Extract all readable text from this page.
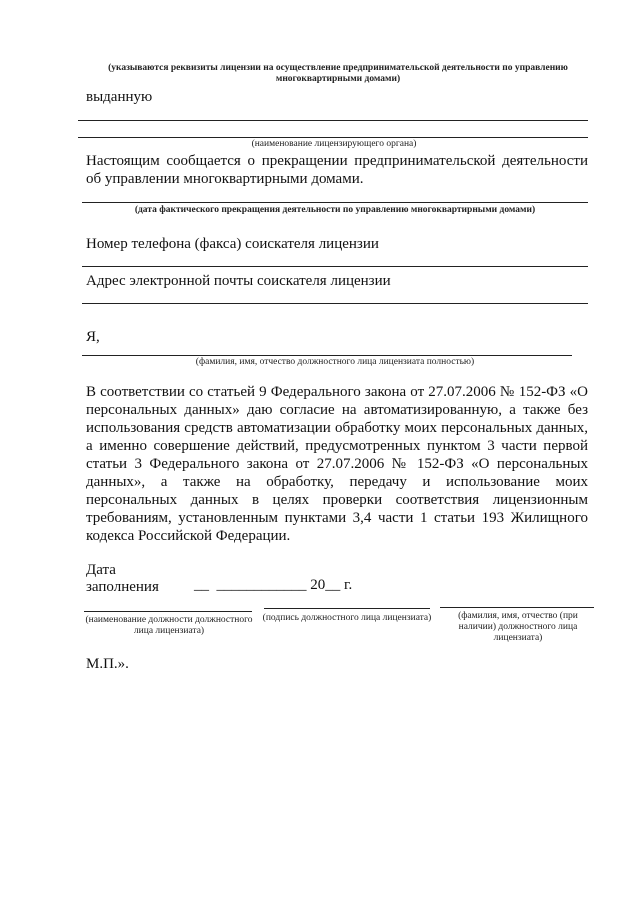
(указываются реквизиты лицензии на осуществление предпринимательской деятельности по управлению многоквартирными домами)
выданную
(наименование лицензирующего органа)
Настоящим сообщается о прекращении предпринимательской деятельности об управлении многоквартирными домами.
(дата фактического прекращения деятельности по управлению многоквартирными домами)
Номер телефона (факса) соискателя лицензии
Адрес электронной почты соискателя лицензии
Я,
(фамилия, имя, отчество должностного лица лицензиата полностью)
В соответствии со статьей 9 Федерального закона от 27.07.2006 № 152-ФЗ «О персональных данных» даю согласие на автоматизированную, а также без использования средств автоматизации обработку моих персональных данных, а именно совершение действий, предусмотренных пунктом 3 части первой статьи 3 Федерального закона от 27.07.2006 № 152-ФЗ «О персональных данных», а также на обработку, передачу и использование моих персональных данных в целях проверки соответствия лицензионным требованиям, установленным пунктами 3,4 части 1 статьи 193 Жилищного кодекса Российской Федерации.
Дата
заполнения __  ____________ 20__ г.
(наименование должности должностного лица лицензиата)
(подпись должностного лица лицензиата)	(фамилия, имя, отчество (при наличии) должностного лица лицензиата)
М.П.».
